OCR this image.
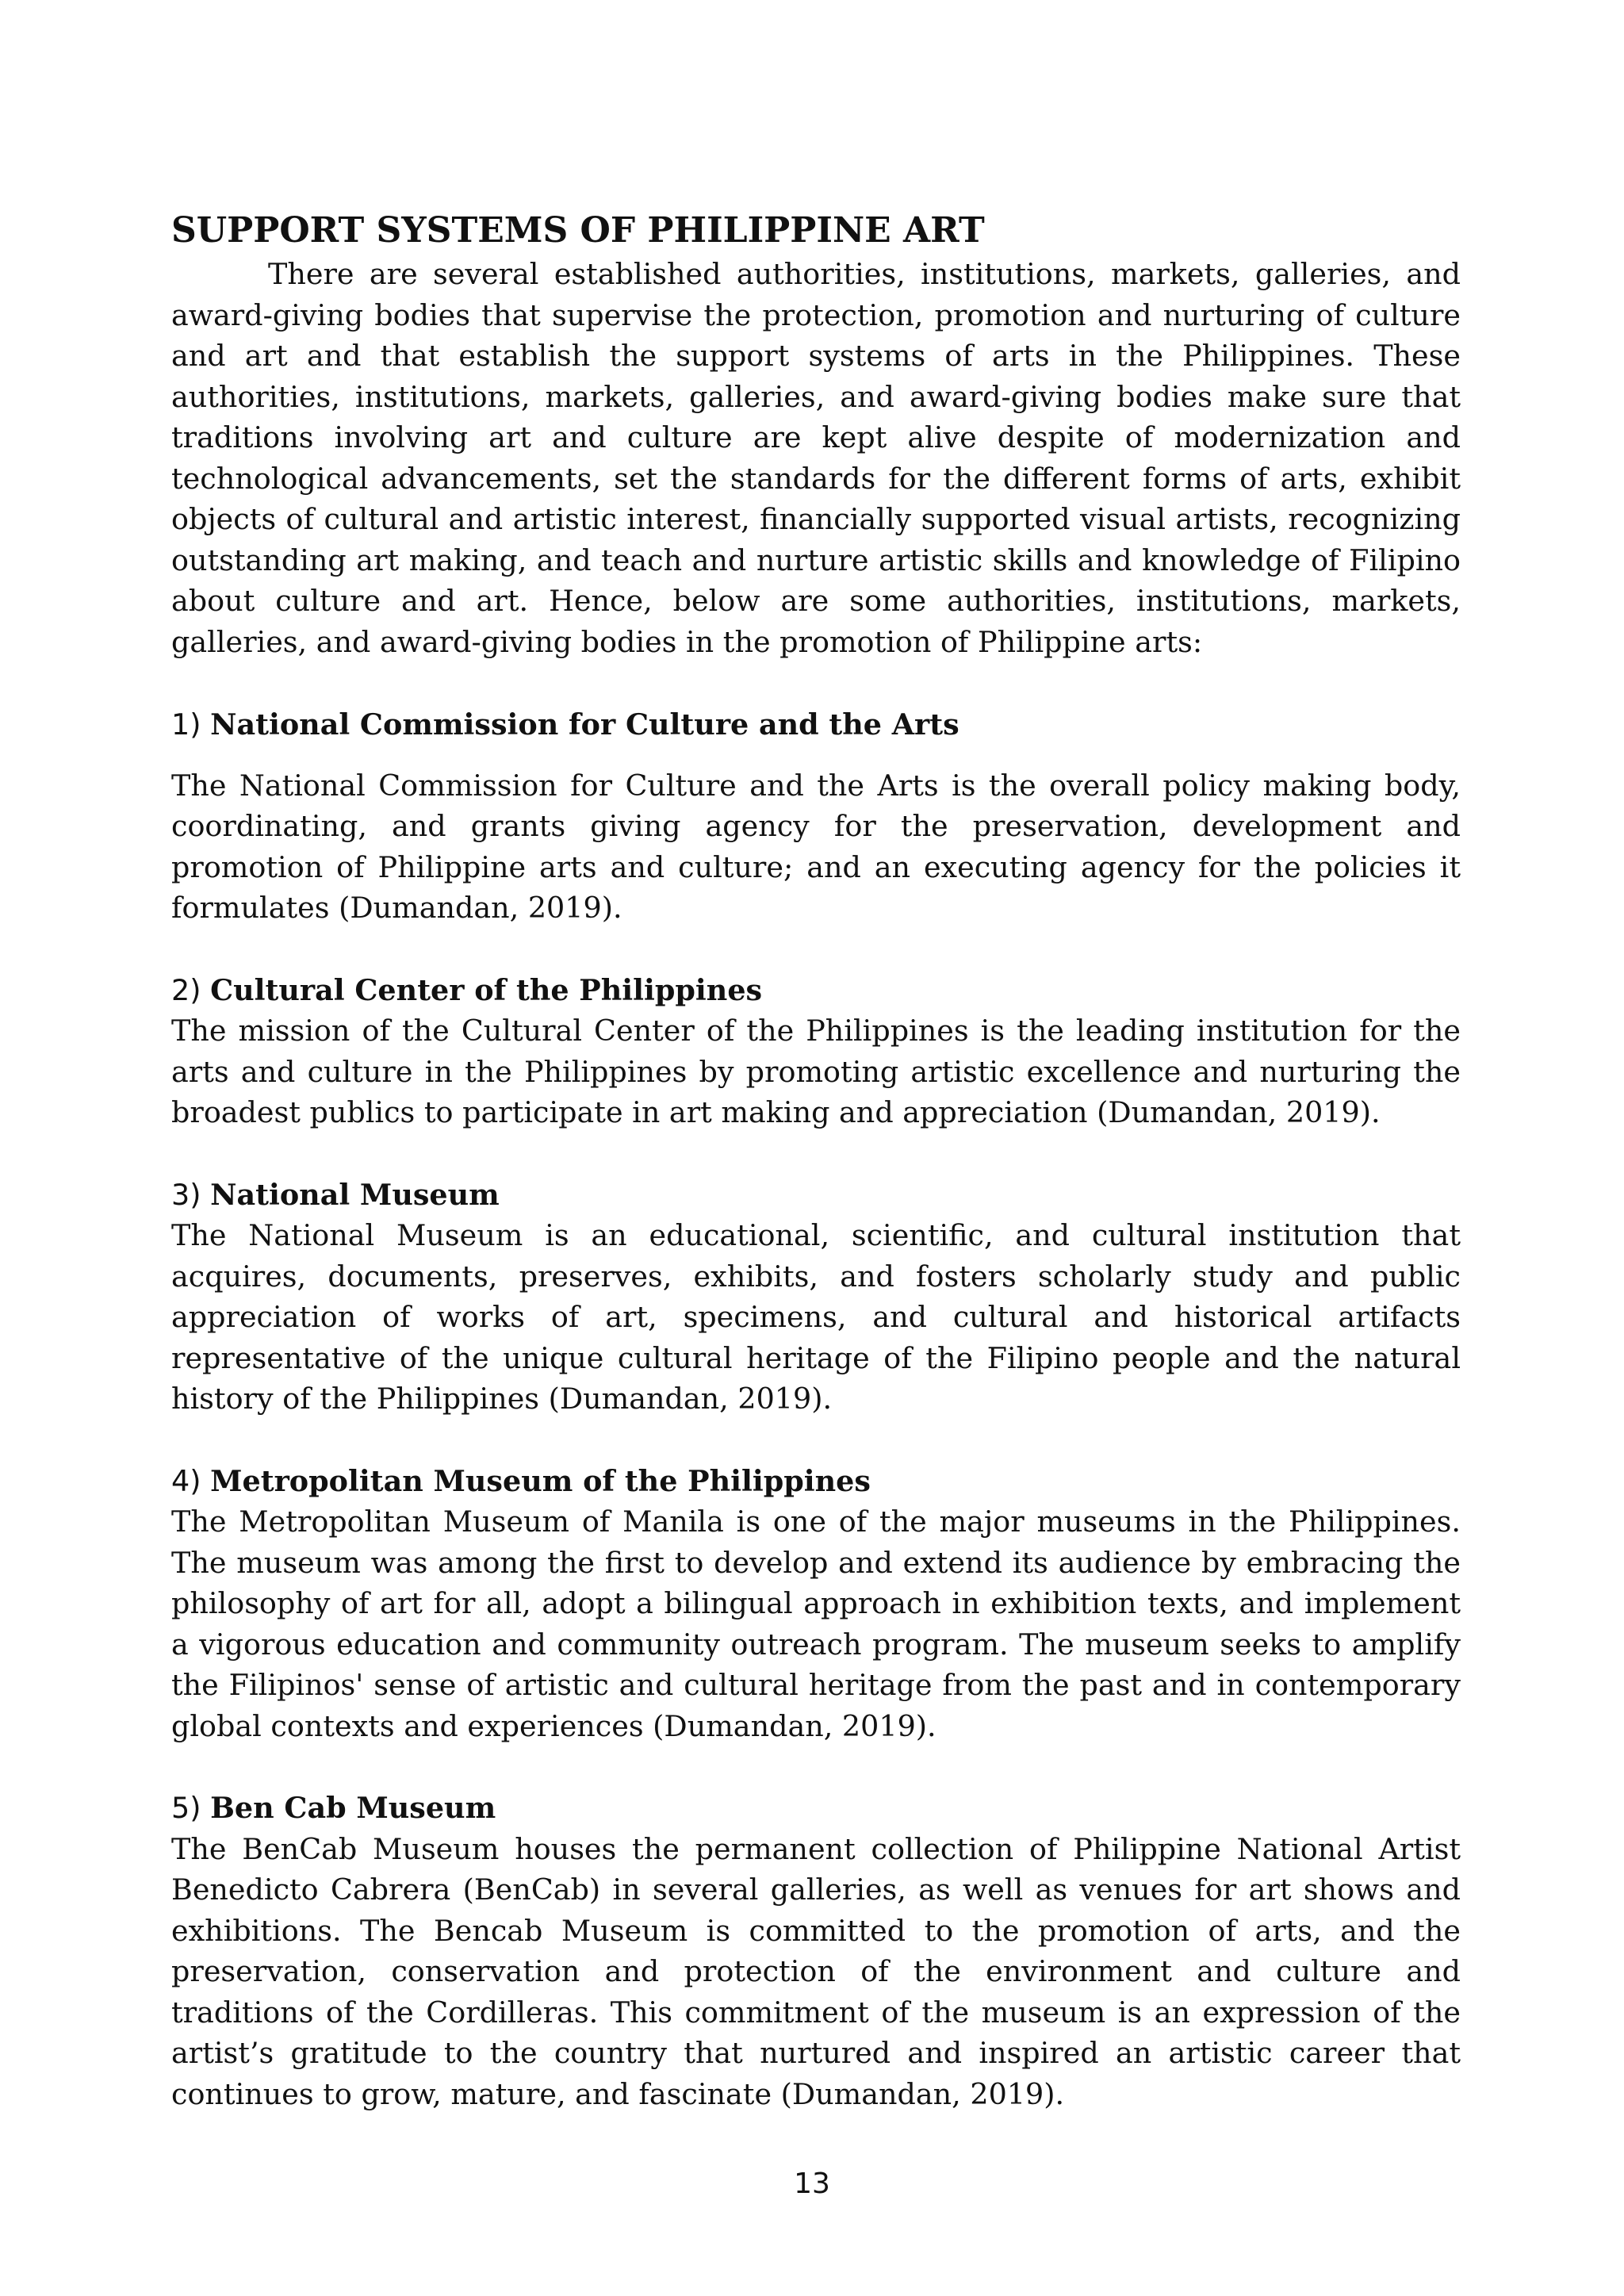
SUPPORT SYSTEMS OF PHILIPPINE ART

There are several established authorities, institutions, markets, galleries, and award-giving bodies that supervise the protection, promotion and nurturing of culture and art and that establish the support systems of arts in the Philippines. These authorities, institutions, markets, galleries, and award-giving bodies make sure that traditions involving art and culture are kept alive despite of modernization and technological advancements, set the standards for the different forms of arts, exhibit objects of cultural and artistic interest, financially supported visual artists, recognizing outstanding art making, and teach and nurture artistic skills and knowledge of Filipino about culture and art. Hence, below are some authorities, institutions, markets, galleries, and award-giving bodies in the promotion of Philippine arts:

1) National Commission for Culture and the Arts

The National Commission for Culture and the Arts is the overall policy making body, coordinating, and grants giving agency for the preservation, development and promotion of Philippine arts and culture; and an executing agency for the policies it formulates (Dumandan, 2019).

2) Cultural Center of the Philippines

The mission of the Cultural Center of the Philippines is the leading institution for the arts and culture in the Philippines by promoting artistic excellence and nurturing the broadest publics to participate in art making and appreciation (Dumandan, 2019).

3) National Museum

The National Museum is an educational, scientific, and cultural institution that acquires, documents, preserves, exhibits, and fosters scholarly study and public appreciation of works of art, specimens, and cultural and historical artifacts representative of the unique cultural heritage of the Filipino people and the natural history of the Philippines (Dumandan, 2019).

4) Metropolitan Museum of the Philippines

The Metropolitan Museum of Manila is one of the major museums in the Philippines. The museum was among the first to develop and extend its audience by embracing the philosophy of art for all, adopt a bilingual approach in exhibition texts, and implement a vigorous education and community outreach program. The museum seeks to amplify the Filipinos' sense of artistic and cultural heritage from the past and in contemporary global contexts and experiences (Dumandan, 2019).

5) Ben Cab Museum

The BenCab Museum houses the permanent collection of Philippine National Artist Benedicto Cabrera (BenCab) in several galleries, as well as venues for art shows and exhibitions. The Bencab Museum is committed to the promotion of arts, and the preservation, conservation and protection of the environment and culture and traditions of the Cordilleras. This commitment of the museum is an expression of the artist’s gratitude to the country that nurtured and inspired an artistic career that continues to grow, mature, and fascinate (Dumandan, 2019).

13
